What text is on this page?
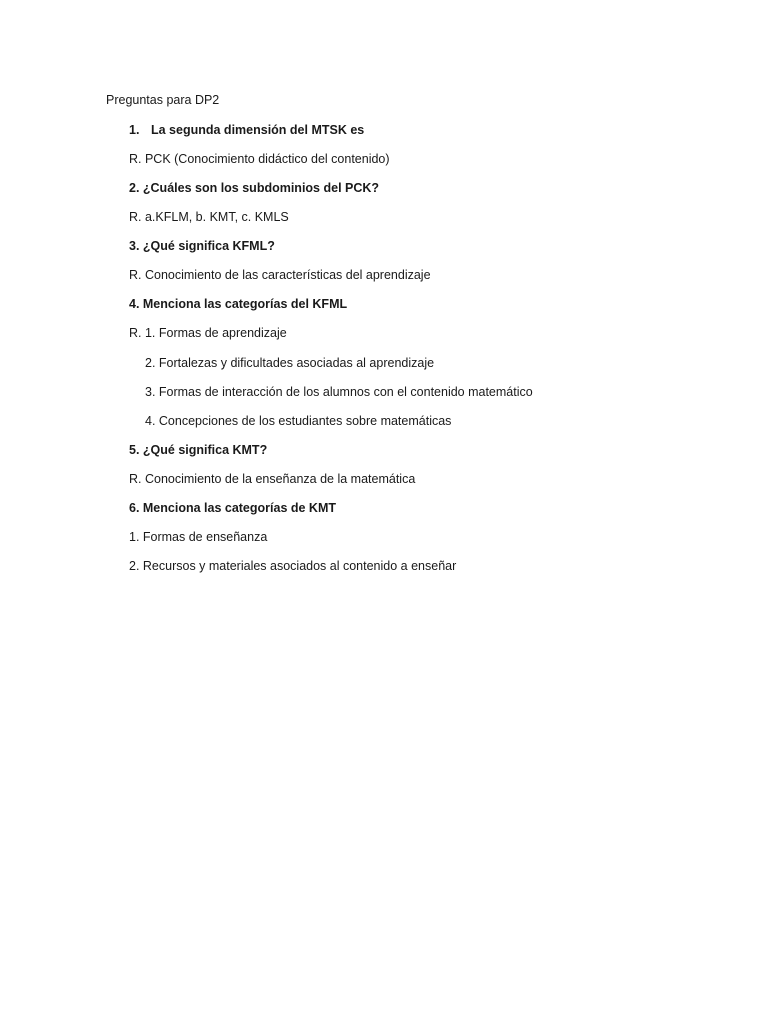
Preguntas para DP2
1. La segunda dimensión del MTSK es
R. PCK (Conocimiento didáctico del contenido)
2. ¿Cuáles son los subdominios del PCK?
R. a.KFLM, b. KMT, c. KMLS
3. ¿Qué significa KFML?
R. Conocimiento de las características del aprendizaje
4. Menciona las categorías del KFML
R. 1. Formas de aprendizaje
2. Fortalezas y dificultades asociadas al aprendizaje
3. Formas de interacción de los alumnos con el contenido matemático
4. Concepciones de los estudiantes sobre matemáticas
5. ¿Qué significa KMT?
R. Conocimiento de la enseñanza de la matemática
6. Menciona las categorías de KMT
1. Formas de enseñanza
2. Recursos y materiales asociados al contenido a enseñar
